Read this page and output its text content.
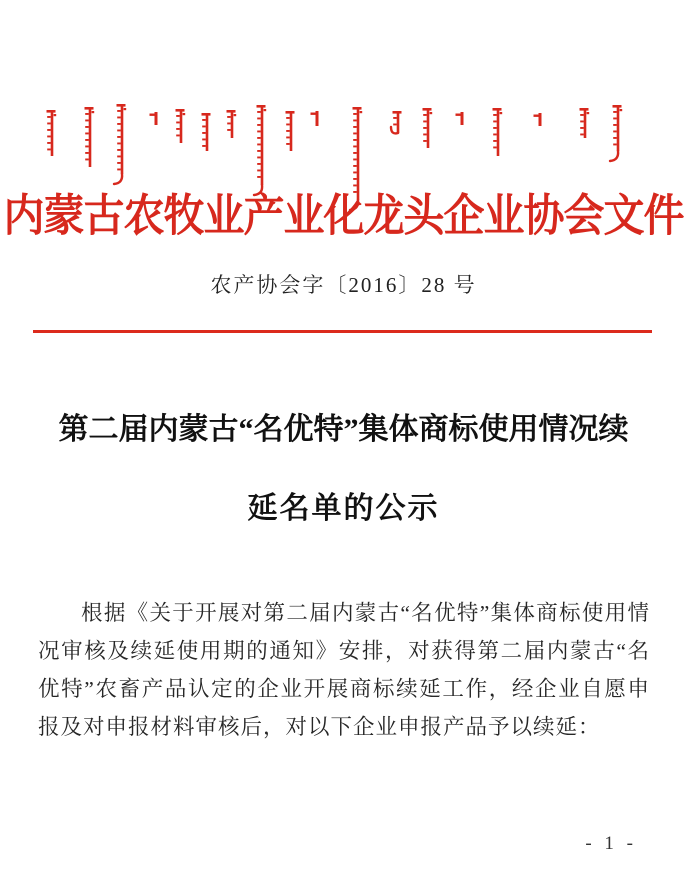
内蒙古农牧业产业化龙头企业协会文件
农产协会字〔2016〕28 号
第二届内蒙古“名优特”集体商标使用情况续
延名单的公示
根据《关于开展对第二届内蒙古“名优特”集体商标使用情况审核及续延使用期的通知》安排，对获得第二届内蒙古“名优特”农畜产品认定的企业开展商标续延工作，经企业自愿申报及对申报材料审核后，对以下企业申报产品予以续延：
- 1 -
